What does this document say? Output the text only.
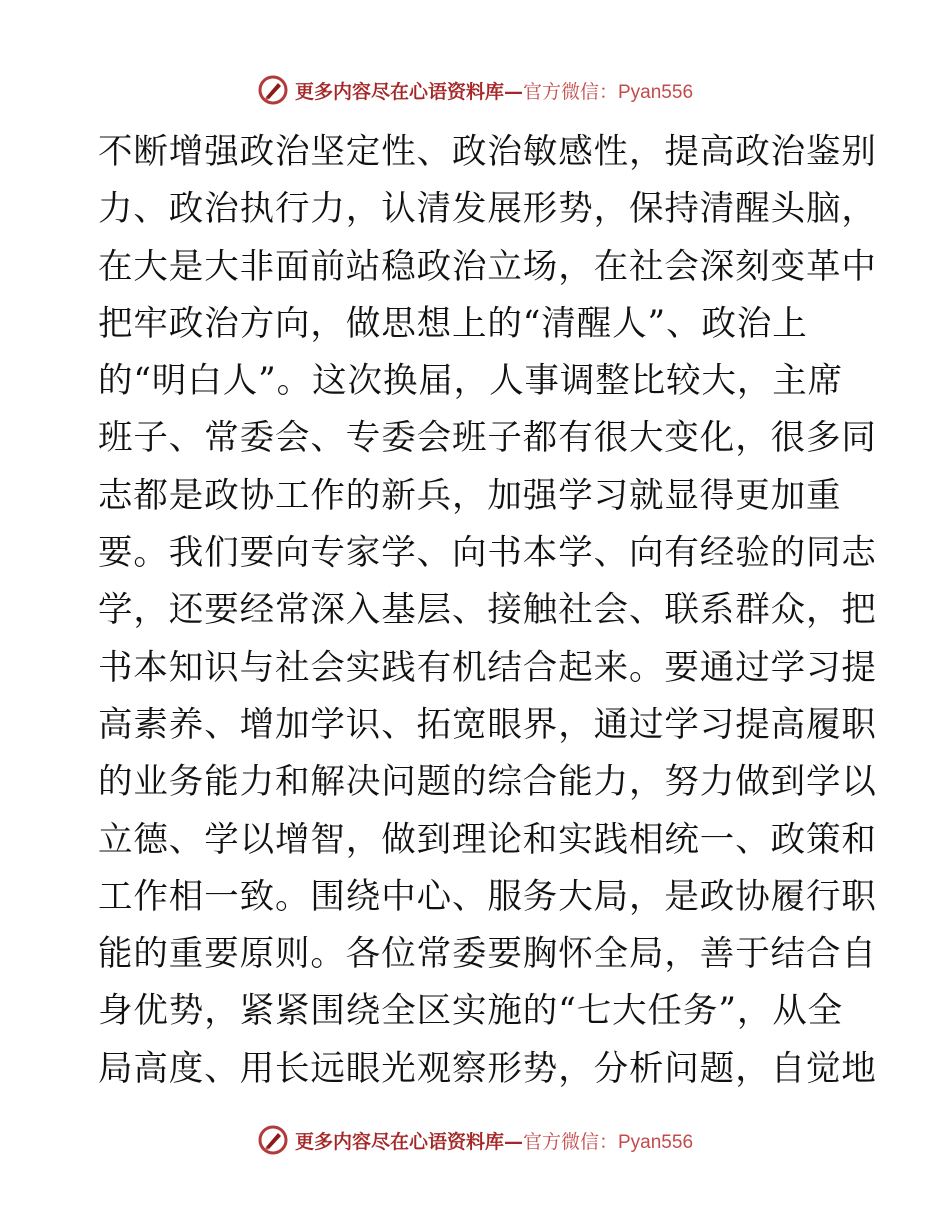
更多内容尽在心语资料库—官方微信：Pyan556
不断增强政治坚定性、政治敏感性，提高政治鉴别
力、政治执行力，认清发展形势，保持清醒头脑，
在大是大非面前站稳政治立场，在社会深刻变革中
把牢政治方向，做思想上的“清醒人”、政治上
的“明白人”。这次换届，人事调整比较大，主席
班子、常委会、专委会班子都有很大变化，很多同
志都是政协工作的新兵，加强学习就显得更加重
要。我们要向专家学、向书本学、向有经验的同志
学，还要经常深入基层、接触社会、联系群众，把
书本知识与社会实践有机结合起来。要通过学习提
高素养、增加学识、拓宽眼界，通过学习提高履职
的业务能力和解决问题的综合能力，努力做到学以
立德、学以增智，做到理论和实践相统一、政策和
工作相一致。围绕中心、服务大局，是政协履行职
能的重要原则。各位常委要胸怀全局，善于结合自
身优势，紧紧围绕全区实施的“七大任务”，从全
局高度、用长远眼光观察形势，分析问题，自觉地
更多内容尽在心语资料库—官方微信：Pyan556
